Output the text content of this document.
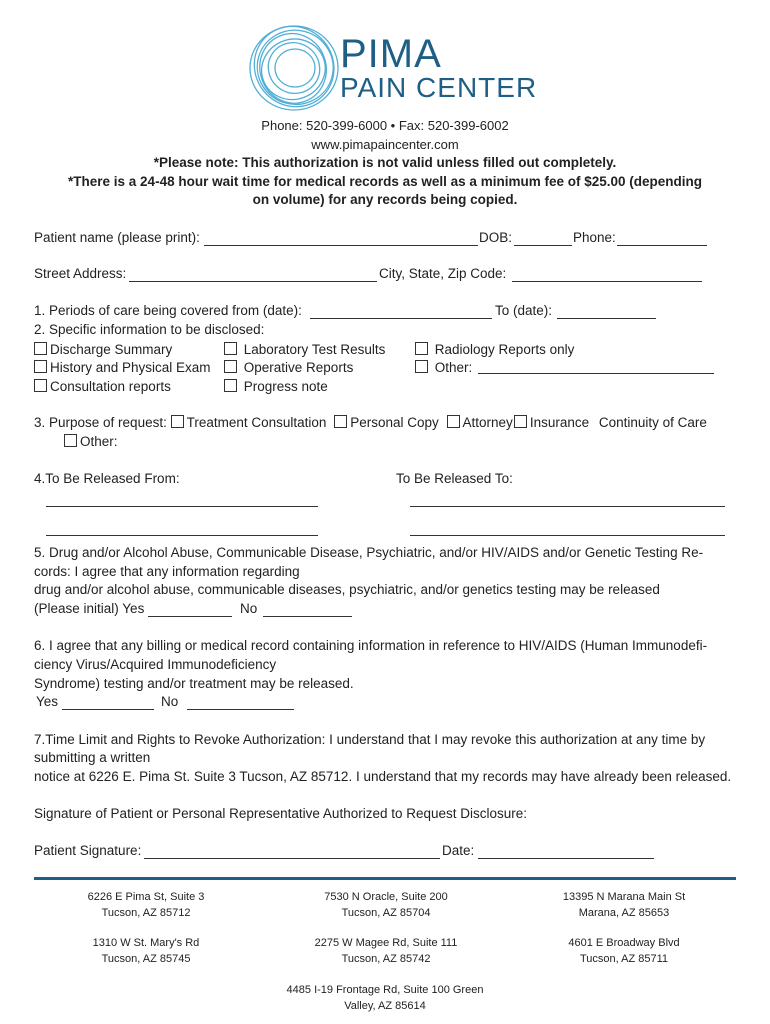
PIMA
PAIN CENTER
Phone: 520-399-6000 • Fax: 520-399-6002
www.pimapaincenter.com
*Please note: This authorization is not valid unless filled out completely.
*There is a 24-48 hour wait time for medical records as well as a minimum fee of $25.00 (depending
on volume) for any records being copied.
Patient name (please print):	DOB:	Phone:
Street Address:	City, State, Zip Code:
1. Periods of care being covered from (date):	To (date):
2. Specific information to be disclosed:
Discharge Summary	Laboratory Test Results	Radiology Reports only
History and Physical Exam	Operative Reports	Other:
Consultation reports	Progress note
3. Purpose of request: Treatment Consultation Personal Copy Attorney Insurance Continuity of Care
Other:
4.To Be Released From:	To Be Released To:
5. Drug and/or Alcohol Abuse, Communicable Disease, Psychiatric, and/or HIV/AIDS and/or Genetic Testing Re-
cords: I agree that any information regarding
drug and/or alcohol abuse, communicable diseases, psychiatric, and/or genetics testing may be released
(Please initial) Yes	No
6. I agree that any billing or medical record containing information in reference to HIV/AIDS (Human Immunodefi-
ciency Virus/Acquired Immunodeficiency
Syndrome) testing and/or treatment may be released.
Yes	No
7.Time Limit and Rights to Revoke Authorization: I understand that I may revoke this authorization at any time by
submitting a written
notice at 6226 E. Pima St. Suite 3 Tucson, AZ 85712. I understand that my records may have already been released.
Signature of Patient or Personal Representative Authorized to Request Disclosure:
Patient Signature:	Date:
6226 E Pima St, Suite 3
Tucson, AZ 85712
7530 N Oracle, Suite 200
Tucson, AZ 85704
13395 N Marana Main St
Marana, AZ 85653
1310 W St. Mary's Rd
Tucson, AZ 85745
2275 W Magee Rd, Suite 111
Tucson, AZ 85742
4601 E Broadway Blvd
Tucson, AZ 85711
4485 I-19 Frontage Rd, Suite 100 Green
Valley, AZ 85614
